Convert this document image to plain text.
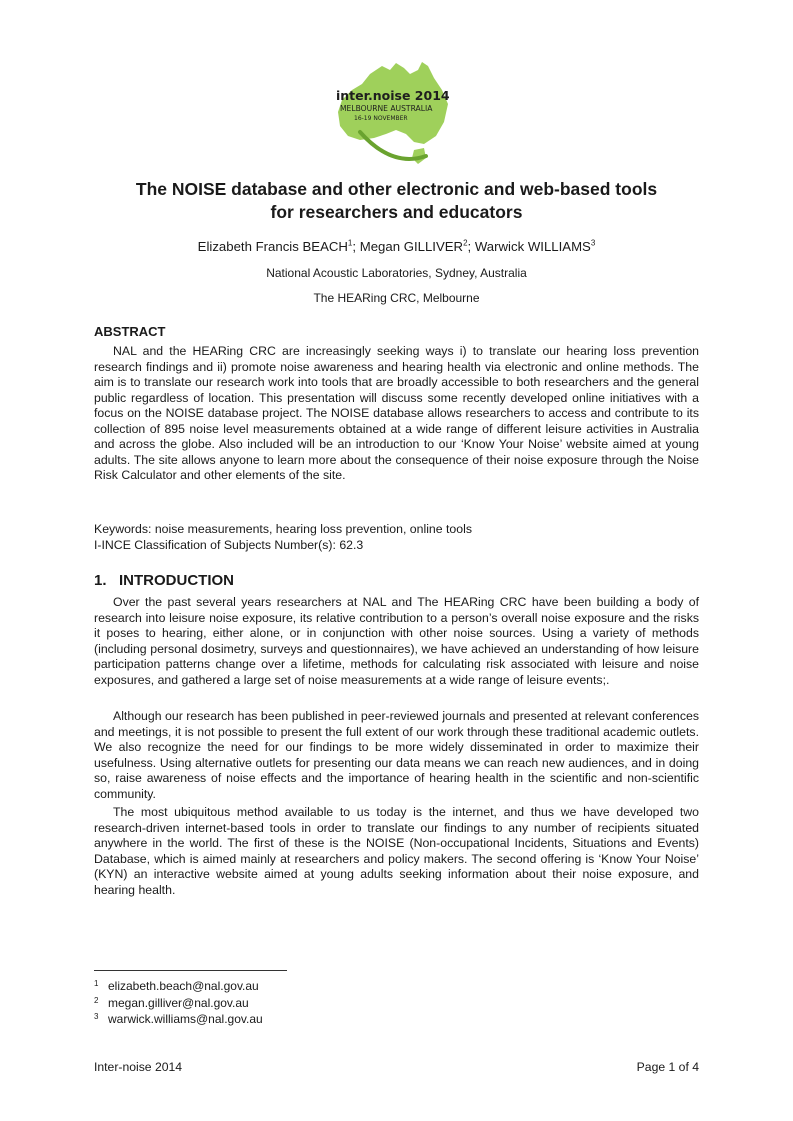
inter.noise 2014
MELBOURNE AUSTRALIA
16-19 NOVEMBER
The NOISE database and other electronic and web-based tools
for researchers and educators
Elizabeth Francis BEACH$^1$; Megan GILLIVER$^2$; Warwick WILLIAMS$^3$
National Acoustic Laboratories, Sydney, Australia
The HEARing CRC, Melbourne
ABSTRACT

NAL and the HEARing CRC are increasingly seeking ways i) to translate our hearing loss prevention research findings and ii) promote noise awareness and hearing health via electronic and online methods. The aim is to translate our research work into tools that are broadly accessible to both researchers and the general public regardless of location. This presentation will discuss some recently developed online initiatives with a focus on the NOISE database project. The NOISE database allows researchers to access and contribute to its collection of 895 noise level measurements obtained at a wide range of different leisure activities in Australia and across the globe. Also included will be an introduction to our ‘Know Your Noise’ website aimed at young adults. The site allows anyone to learn more about the consequence of their noise exposure through the Noise Risk Calculator and other elements of the site.

Keywords: noise measurements, hearing loss prevention, online tools
I-INCE Classification of Subjects Number(s): 62.3

1.   INTRODUCTION

Over the past several years researchers at NAL and The HEARing CRC have been building a body of research into leisure noise exposure, its relative contribution to a person’s overall noise exposure and the risks it poses to hearing, either alone, or in conjunction with other noise sources. Using a variety of methods (including personal dosimetry, surveys and questionnaires), we have achieved an understanding of how leisure participation patterns change over a lifetime, methods for calculating risk associated with leisure and noise exposures, and gathered a large set of noise measurements at a wide range of leisure events;.

Although our research has been published in peer-reviewed journals and presented at relevant conferences and meetings, it is not possible to present the full extent of our work through these traditional academic outlets. We also recognize the need for our findings to be more widely disseminated in order to maximize their usefulness. Using alternative outlets for presenting our data means we can reach new audiences, and in doing so, raise awareness of noise effects and the importance of hearing health in the scientific and non-scientific community.

The most ubiquitous method available to us today is the internet, and thus we have developed two research-driven internet-based tools in order to translate our findings to any number of recipients situated anywhere in the world. The first of these is the NOISE (Non-occupational Incidents, Situations and Events) Database, which is aimed mainly at researchers and policy makers. The second offering is ‘Know Your Noise’ (KYN) an interactive website aimed at young adults seeking information about their noise exposure, and hearing health.

$^1$ elizabeth.beach@nal.gov.au
$^2$ megan.gilliver@nal.gov.au
$^3$ warwick.williams@nal.gov.au
Inter-noise 2014	Page 1 of 4
